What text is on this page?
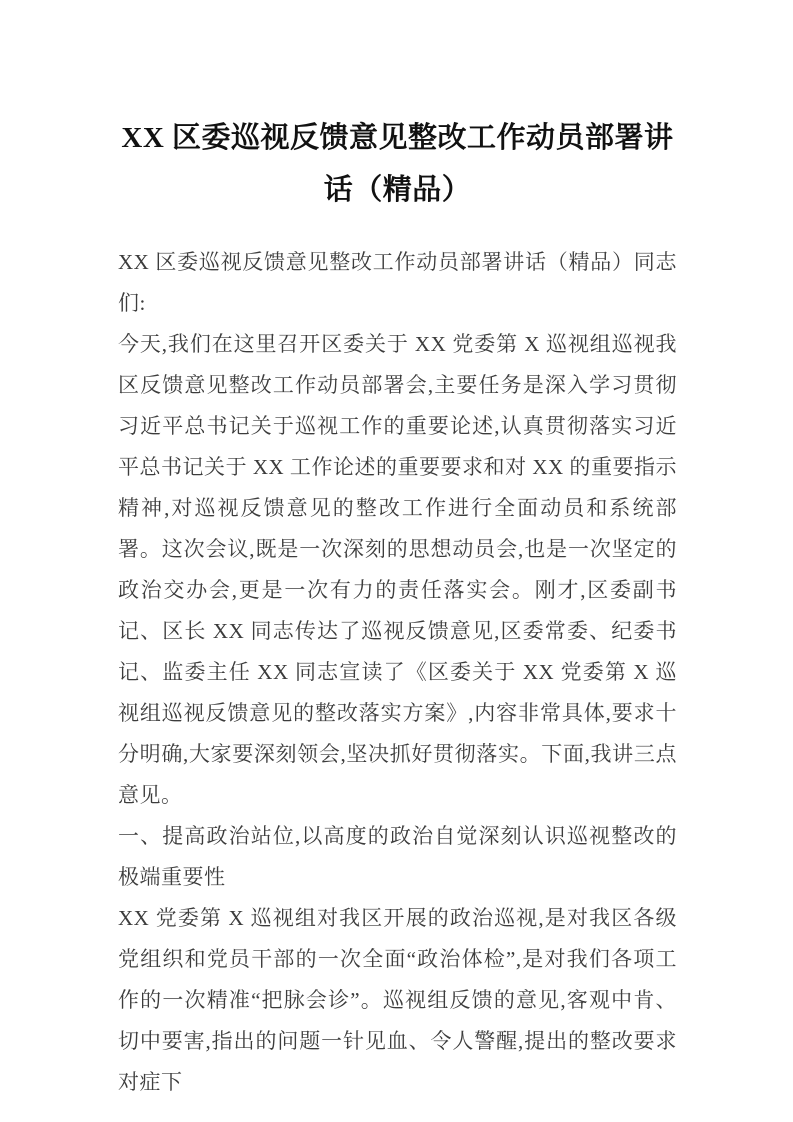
XX 区委巡视反馈意见整改工作动员部署讲话（精品）

XX 区委巡视反馈意见整改工作动员部署讲话（精品）同志们:

今天,我们在这里召开区委关于 XX 党委第 X 巡视组巡视我区反馈意见整改工作动员部署会,主要任务是深入学习贯彻习近平总书记关于巡视工作的重要论述,认真贯彻落实习近平总书记关于 XX 工作论述的重要要求和对 XX 的重要指示精神,对巡视反馈意见的整改工作进行全面动员和系统部署。这次会议,既是一次深刻的思想动员会,也是一次坚定的政治交办会,更是一次有力的责任落实会。刚才,区委副书记、区长 XX 同志传达了巡视反馈意见,区委常委、纪委书记、监委主任 XX 同志宣读了《区委关于 XX 党委第 X 巡视组巡视反馈意见的整改落实方案》,内容非常具体,要求十分明确,大家要深刻领会,坚决抓好贯彻落实。下面,我讲三点意见。

一、提高政治站位,以高度的政治自觉深刻认识巡视整改的极端重要性

XX 党委第 X 巡视组对我区开展的政治巡视,是对我区各级党组织和党员干部的一次全面“政治体检”,是对我们各项工作的一次精准“把脉会诊”。巡视组反馈的意见,客观中肯、切中要害,指出的问题一针见血、令人警醒,提出的整改要求对症下
